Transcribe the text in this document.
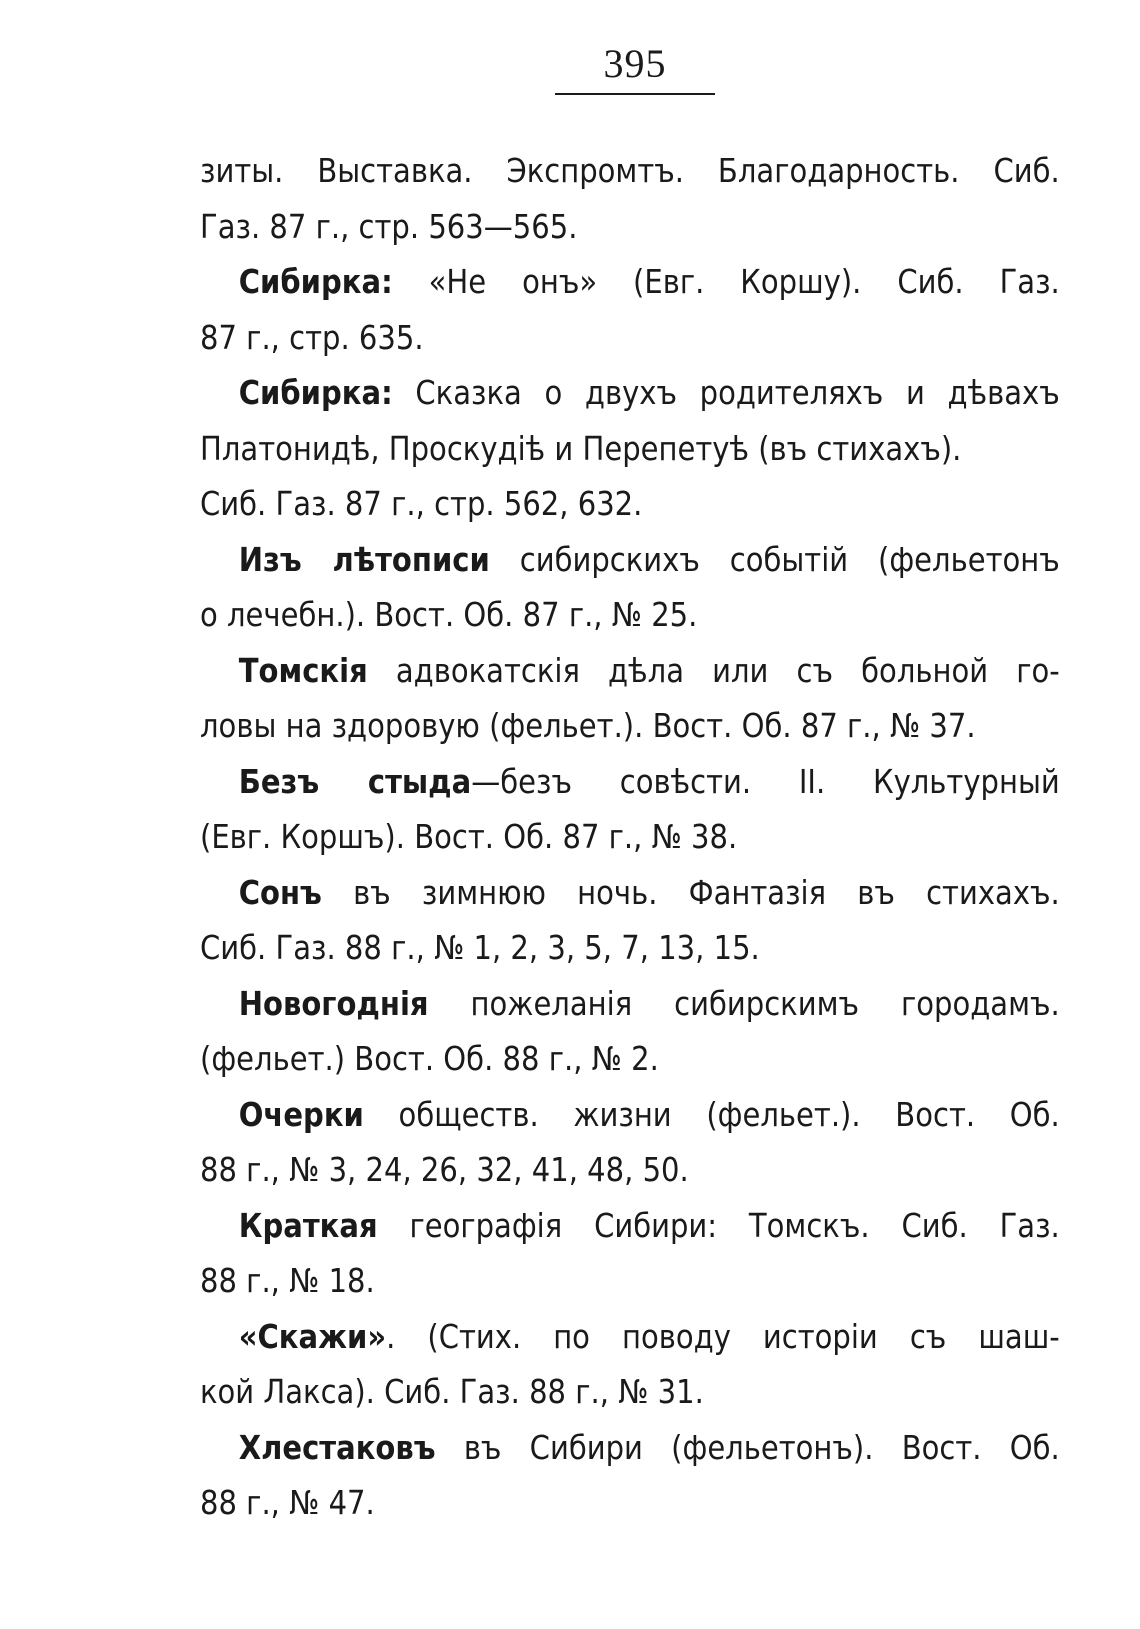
395
зиты. Выставка. Экспромтъ. Благодарность. Сиб.
Газ. 87 г., стр. 563—565.
Сибирка: «Не онъ» (Евг. Коршу). Сиб. Газ.
87 г., стр. 635.
Сибирка: Сказка о двухъ родителяхъ и дѣвахъ
Платонидѣ, Проскудіѣ и Перепетуѣ (въ стихахъ).
Сиб. Газ. 87 г., стр. 562, 632.
Изъ лѣтописи сибирскихъ событій (фельетонъ
о лечебн.). Вост. Об. 87 г., № 25.
Томскія адвокатскія дѣла или съ больной го-
ловы на здоровую (фельет.). Вост. Об. 87 г., № 37.
Безъ стыда—безъ совѣсти. II. Культурный
(Евг. Коршъ). Вост. Об. 87 г., № 38.
Сонъ въ зимнюю ночь. Фантазія въ стихахъ.
Сиб. Газ. 88 г., № 1, 2, 3, 5, 7, 13, 15.
Новогоднія пожеланія сибирскимъ городамъ.
(фельет.) Вост. Об. 88 г., № 2.
Очерки обществ. жизни (фельет.). Вост. Об.
88 г., № 3, 24, 26, 32, 41, 48, 50.
Краткая географія Сибири: Томскъ. Сиб. Газ.
88 г., № 18.
«Скажи». (Стих. по поводу исторіи съ шаш-
кой Лакса). Сиб. Газ. 88 г., № 31.
Хлестаковъ въ Сибири (фельетонъ). Вост. Об.
88 г., № 47.
